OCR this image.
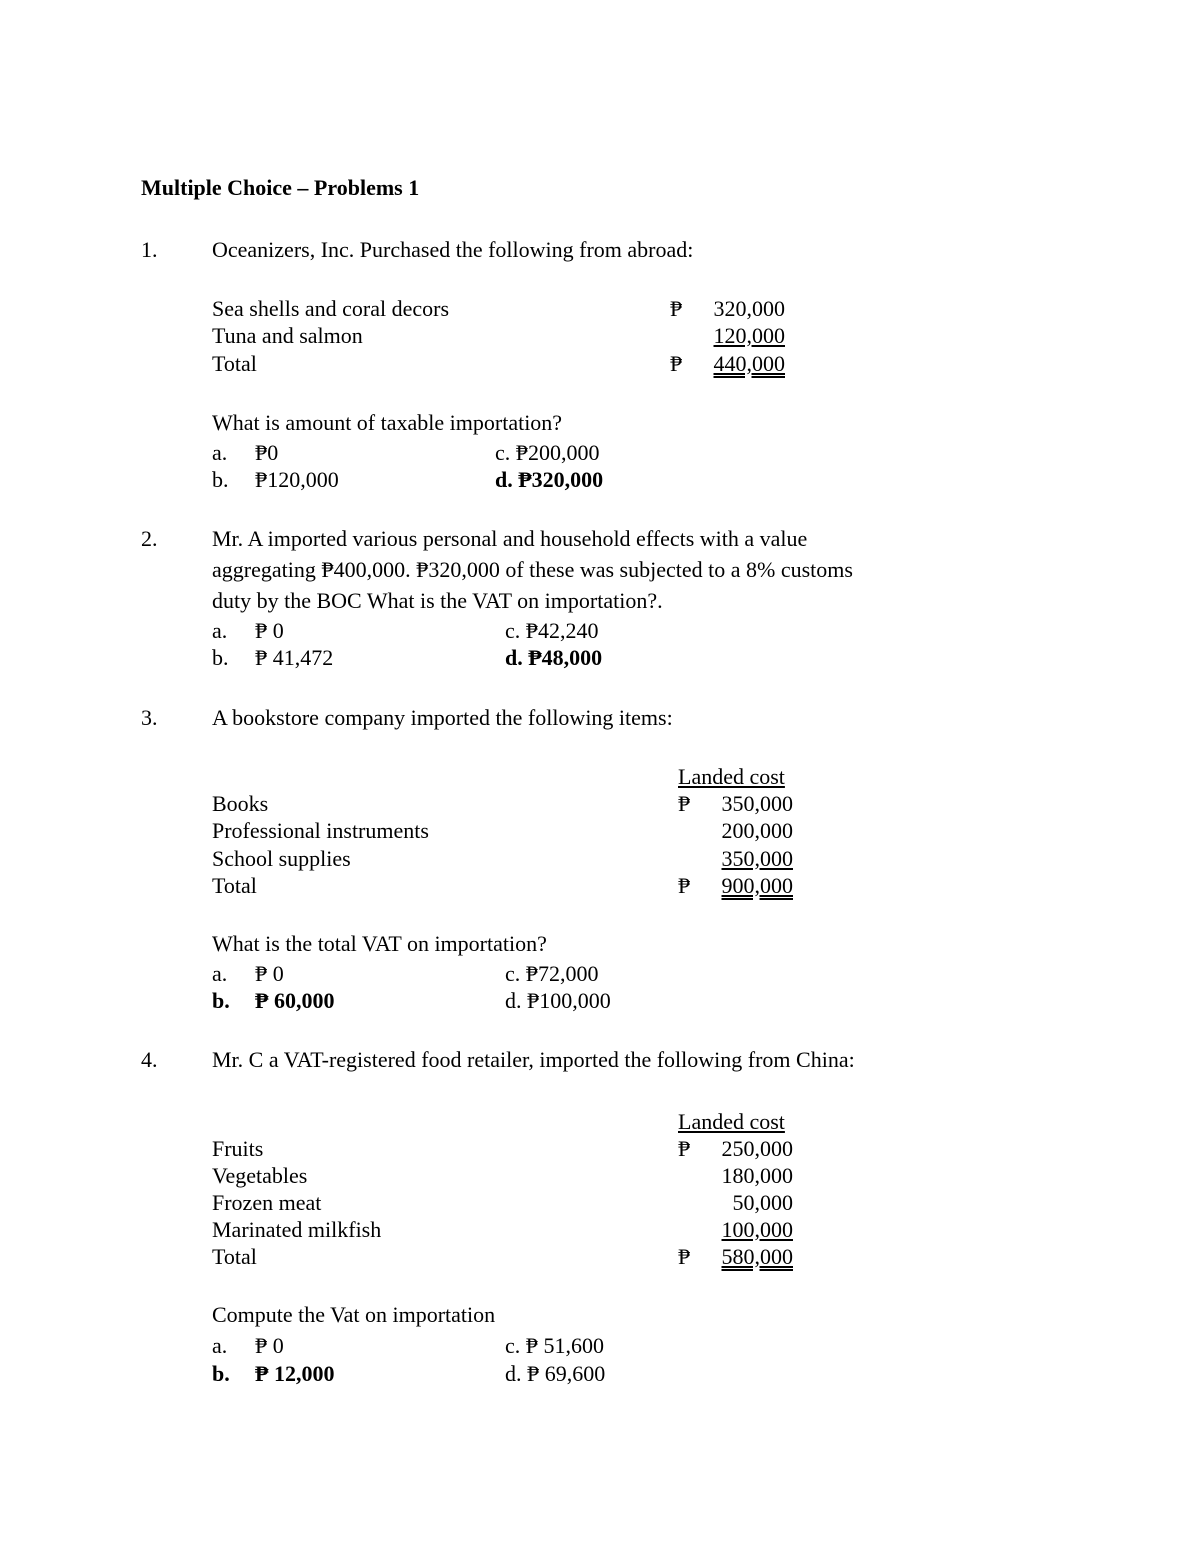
Multiple Choice – Problems 1
1. Oceanizers, Inc. Purchased the following from abroad:
Sea shells and coral decors	₱	320,000
Tuna and salmon	120,000
Total	₱	440,000
What is amount of taxable importation?
a. ₱0	c. ₱200,000
b. ₱120,000	d. ₱320,000
2. Mr. A imported various personal and household effects with a value
aggregating ₱400,000. ₱320,000 of these was subjected to a 8% customs
duty by the BOC What is the VAT on importation?.
a. ₱ 0	c. ₱42,240
b. ₱ 41,472	d. ₱48,000
3. A bookstore company imported the following items:
Landed cost
Books	₱	350,000
Professional instruments	200,000
School supplies	350,000
Total	₱	900,000
What is the total VAT on importation?
a. ₱ 0	c. ₱72,000
b. ₱ 60,000	d. ₱100,000
4. Mr. C a VAT-registered food retailer, imported the following from China:
Landed cost
Fruits	₱	250,000
Vegetables	180,000
Frozen meat	50,000
Marinated milkfish	100,000
Total	₱	580,000
Compute the Vat on importation
a. ₱ 0	c. ₱ 51,600
b. ₱ 12,000	d. ₱ 69,600
